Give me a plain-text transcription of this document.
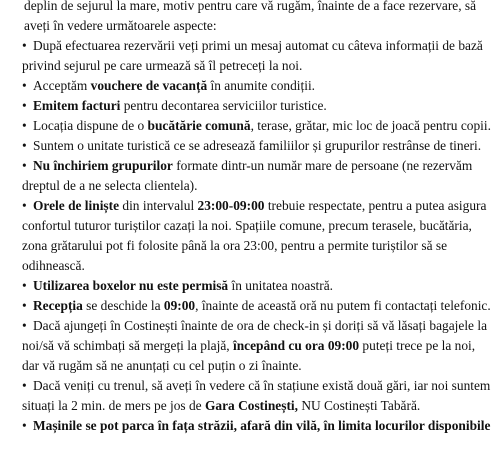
deplin de sejurul la mare, motiv pentru care vă rugăm, înainte de a face rezervare, să
aveți în vedere următoarele aspecte:
• După efectuarea rezervării veți primi un mesaj automat cu câteva informații de bază
privind sejurul pe care urmează să îl petreceți la noi.
• Acceptăm vouchere de vacanță în anumite condiții.
• Emitem facturi pentru decontarea serviciilor turistice.
• Locația dispune de o bucătărie comună, terase, grătar, mic loc de joacă pentru copii.
• Suntem o unitate turistică ce se adresează familiilor și grupurilor restrânse de tineri.
• Nu închiriem grupurilor formate dintr-un număr mare de persoane (ne rezervăm
dreptul de a ne selecta clientela).
• Orele de liniște din intervalul 23:00-09:00 trebuie respectate, pentru a putea asigura
confortul tuturor turiștilor cazați la noi. Spațiile comune, precum terasele, bucătăria,
zona grătarului pot fi folosite până la ora 23:00, pentru a permite turiștilor să se
odihnească.
• Utilizarea boxelor nu este permisă în unitatea noastră.
• Recepția se deschide la 09:00, înainte de această oră nu putem fi contactați telefonic.
• Dacă ajungeți în Costinești înainte de ora de check-in și doriți să vă lăsați bagajele la
noi/să vă schimbați să mergeți la plajă, începând cu ora 09:00 puteți trece pe la noi,
dar vă rugăm să ne anunțați cu cel puțin o zi înainte.
• Dacă veniți cu trenul, să aveți în vedere că în stațiune există două gări, iar noi suntem
situați la 2 min. de mers pe jos de Gara Costinești, NU Costinești Tabără.
• Mașinile se pot parca în fața străzii, afară din vilă, în limita locurilor disponibile
